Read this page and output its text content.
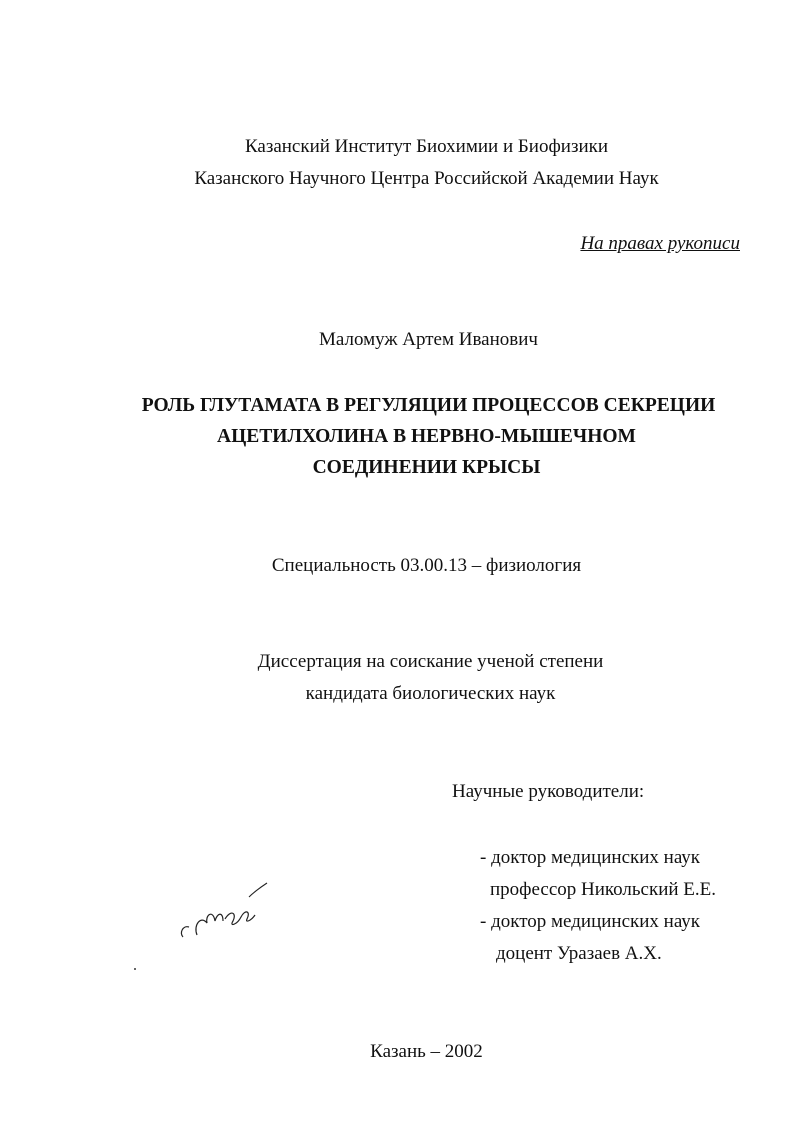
Казанский Институт Биохимии и Биофизики
Казанского Научного Центра Российской Академии Наук
На правах рукописи
Маломуж Артем Иванович
РОЛЬ ГЛУТАМАТА В РЕГУЛЯЦИИ ПРОЦЕССОВ СЕКРЕЦИИ
АЦЕТИЛХОЛИНА В НЕРВНО-МЫШЕЧНОМ
СОЕДИНЕНИИ КРЫСЫ
Специальность 03.00.13 – физиология
Диссертация на соискание ученой степени
кандидата биологических наук
Научные руководители:
- доктор медицинских наук
профессор Никольский Е.Е.
- доктор медицинских наук
доцент Уразаев А.Х.
Казань – 2002
